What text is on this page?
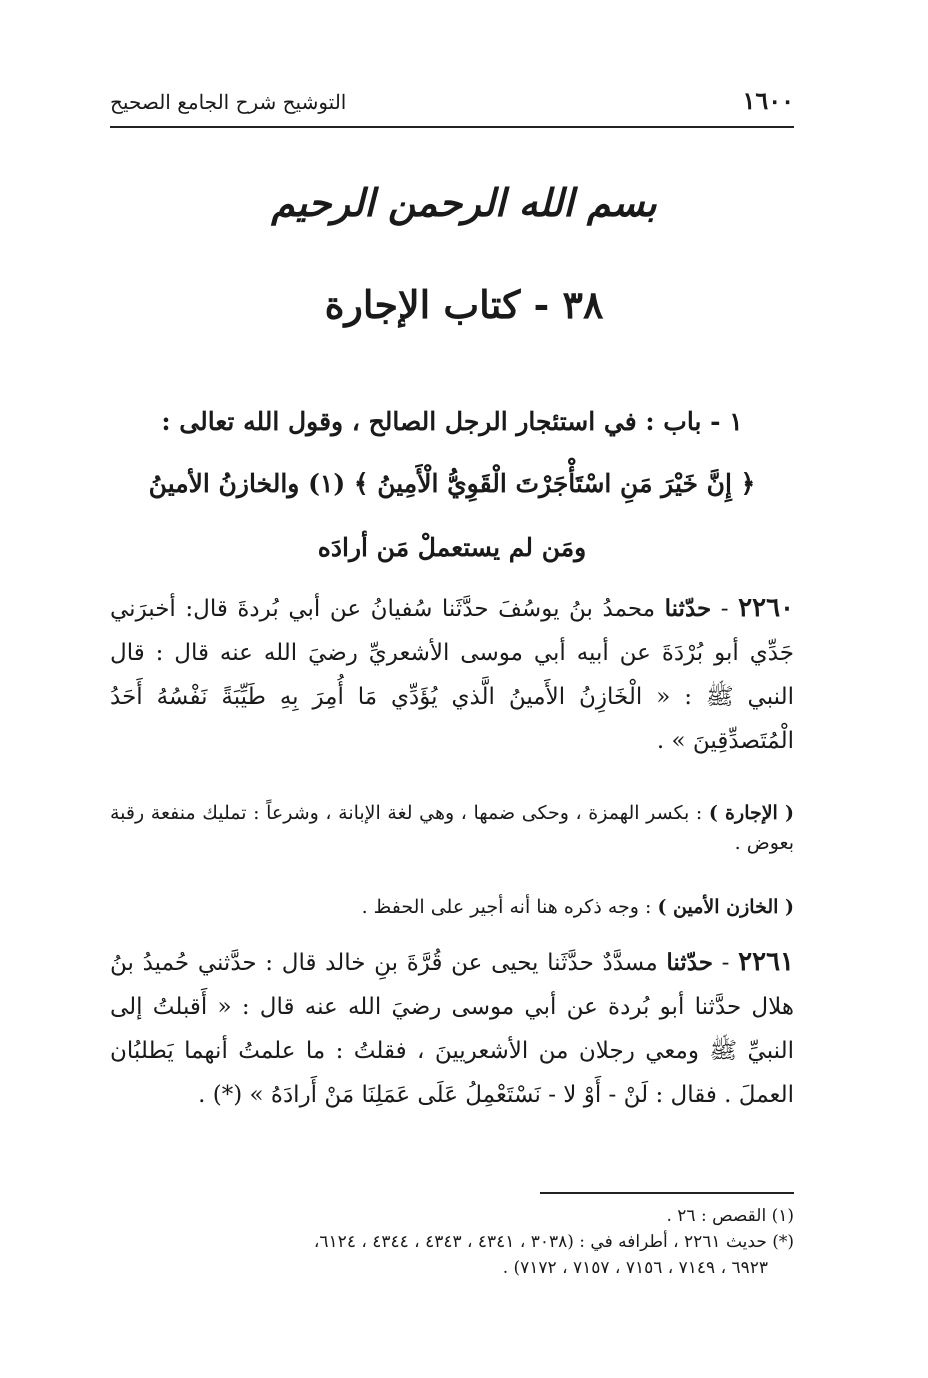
١٦٠٠
التوشيح شرح الجامع الصحيح
بسم الله الرحمن الرحيم
٣٨ - كتاب الإجارة
١ - باب : في استئجار الرجل الصالح ، وقول الله تعالى :
﴿ إِنَّ خَيْرَ مَنِ اسْتَأْجَرْتَ الْقَوِيُّ الْأَمِينُ ﴾ (١) والخازنُ الأمينُ
ومَن لم يستعملْ مَن أرادَه
٢٢٦٠ - حدّثنا محمدُ بنُ يوسُفَ حدَّثَنا سُفيانُ عن أبي بُردةَ قال: أخبرَني جَدِّي أبو بُرْدَةَ عن أبيه أبي موسى الأشعريِّ رضيَ الله عنه قال : قال النبي ﷺ : « الْخَازِنُ الأَمينُ الَّذي يُؤَدِّي مَا أُمِرَ بِهِ طَيِّبَةً نَفْسُهُ أَحَدُ الْمُتَصدِّقِينَ » .
( الإجارة ) : بكسر الهمزة ، وحكى ضمها ، وهي لغة الإبانة ، وشرعاً : تمليك منفعة رقبة بعوض .
( الخازن الأمين ) : وجه ذكره هنا أنه أجير على الحفظ .
٢٢٦١ - حدّثنا مسدَّدٌ حدَّثَنا يحيى عن قُرَّةَ بنِ خالد قال : حدَّثني حُميدُ بنُ هلال حدَّثنا أبو بُردة عن أبي موسى رضيَ الله عنه قال : « أَقبلتُ إلى النبيِّ ﷺ ومعي رجلان من الأشعريينَ ، فقلتُ : ما علمتُ أنهما يَطلبُان العملَ . فقال : لَنْ - أَوْ لا - نَسْتَعْمِلُ عَلَى عَمَلِنَا مَنْ أَرادَهُ » (*) .
(١) القصص : ٢٦ .
(*) حديث ٢٢٦١ ، أطرافه في : (٣٠٣٨ ، ٤٣٤١ ، ٤٣٤٣ ، ٤٣٤٤ ، ٦١٢٤،
٦٩٢٣ ، ٧١٤٩ ، ٧١٥٦ ، ٧١٥٧ ، ٧١٧٢) .
